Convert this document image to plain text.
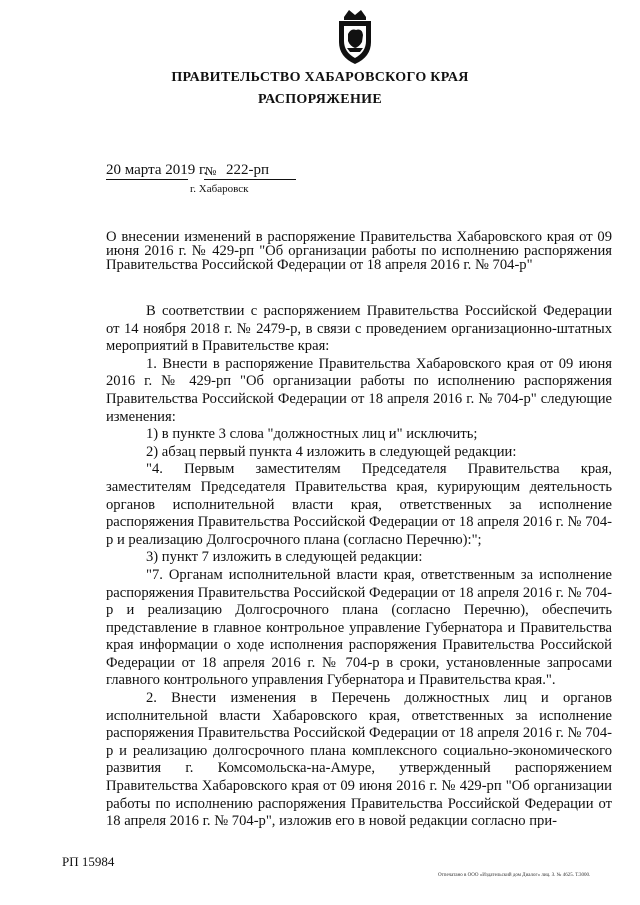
ПРАВИТЕЛЬСТВО ХАБАРОВСКОГО КРАЯ
РАСПОРЯЖЕНИЕ
20 марта 2019 г.
№ 222-рп
г. Хабаровск
О внесении изменений в распоряжение Правительства Хабаровского края от 09 июня 2016 г. № 429-рп "Об организации работы по исполнению распоряжения Правительства Российской Федерации от 18 апреля 2016 г. № 704-р"

В соответствии с распоряжением Правительства Российской Федерации от 14 ноября 2018 г. № 2479-р, в связи с проведением организационно-штатных мероприятий в Правительстве края:

1. Внести в распоряжение Правительства Хабаровского края от 09 июня 2016 г. № 429-рп "Об организации работы по исполнению распоряжения Правительства Российской Федерации от 18 апреля 2016 г. № 704-р" следующие изменения:

1) в пункте 3 слова "должностных лиц и" исключить;

2) абзац первый пункта 4 изложить в следующей редакции:

"4. Первым заместителям Председателя Правительства края, заместителям Председателя Правительства края, курирующим деятельность органов исполнительной власти края, ответственных за исполнение распоряжения Правительства Российской Федерации от 18 апреля 2016 г. № 704-р и реализацию Долгосрочного плана (согласно Перечню):";

3) пункт 7 изложить в следующей редакции:

"7. Органам исполнительной власти края, ответственным за исполнение распоряжения Правительства Российской Федерации от 18 апреля 2016 г. № 704-р и реализацию Долгосрочного плана (согласно Перечню), обеспечить представление в главное контрольное управление Губернатора и Правительства края информации о ходе исполнения распоряжения Правительства Российской Федерации от 18 апреля 2016 г. № 704-р в сроки, установленные запросами главного контрольного управления Губернатора и Правительства края.".

2. Внести изменения в Перечень должностных лиц и органов исполнительной власти Хабаровского края, ответственных за исполнение распоряжения Правительства Российской Федерации от 18 апреля 2016 г. № 704-р и реализацию долгосрочного плана комплексного социально-экономического развития г. Комсомольска-на-Амуре, утвержденный распоряжением Правительства Хабаровского края от 09 июня 2016 г. № 429-рп "Об организации работы по исполнению распоряжения Правительства Российской Федерации от 18 апреля 2016 г. № 704-р", изложив его в новой редакции согласно при-

РП 15984
Отпечатано в ООО «Издательский дом Диалог» лиц. З. № 4625. Т.3000.
